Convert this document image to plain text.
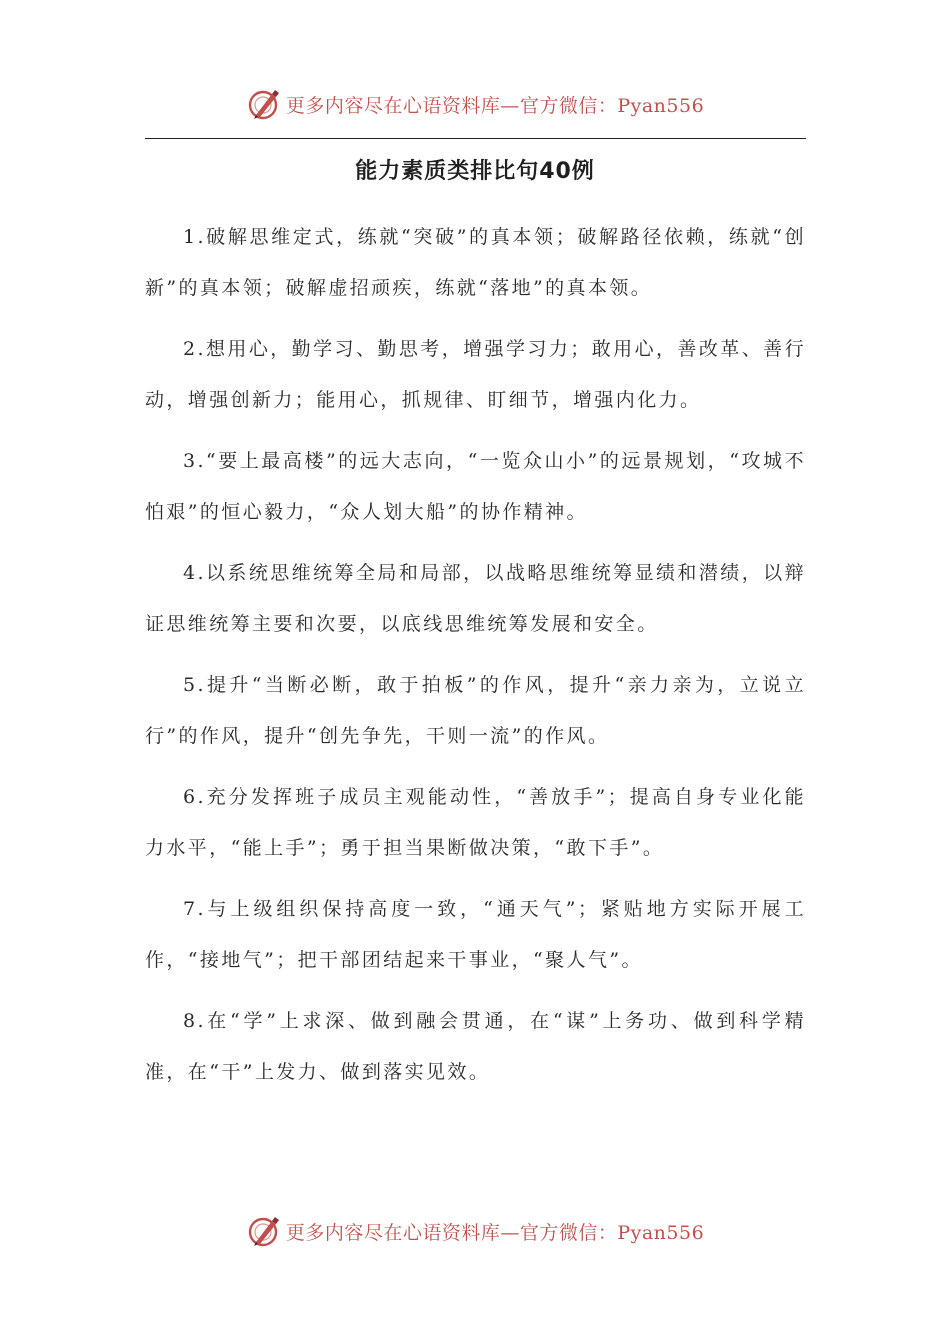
更多内容尽在心语资料库—官方微信：Pyan556
能力素质类排比句40例

1.破解思维定式，练就“突破”的真本领；破解路径依赖，练就“创新”的真本领；破解虚招顽疾，练就“落地”的真本领。

2.想用心，勤学习、勤思考，增强学习力；敢用心，善改革、善行动，增强创新力；能用心，抓规律、盯细节，增强内化力。

3.“要上最高楼”的远大志向，“一览众山小”的远景规划，“攻城不怕艰”的恒心毅力，“众人划大船”的协作精神。

4.以系统思维统筹全局和局部，以战略思维统筹显绩和潜绩，以辩证思维统筹主要和次要，以底线思维统筹发展和安全。

5.提升“当断必断，敢于拍板”的作风，提升“亲力亲为，立说立行”的作风，提升“创先争先，干则一流”的作风。

6.充分发挥班子成员主观能动性，“善放手”；提高自身专业化能力水平，“能上手”；勇于担当果断做决策，“敢下手”。

7.与上级组织保持高度一致，“通天气”；紧贴地方实际开展工作，“接地气”；把干部团结起来干事业，“聚人气”。

8.在“学”上求深、做到融会贯通，在“谋”上务功、做到科学精准，在“干”上发力、做到落实见效。

更多内容尽在心语资料库—官方微信：Pyan556
